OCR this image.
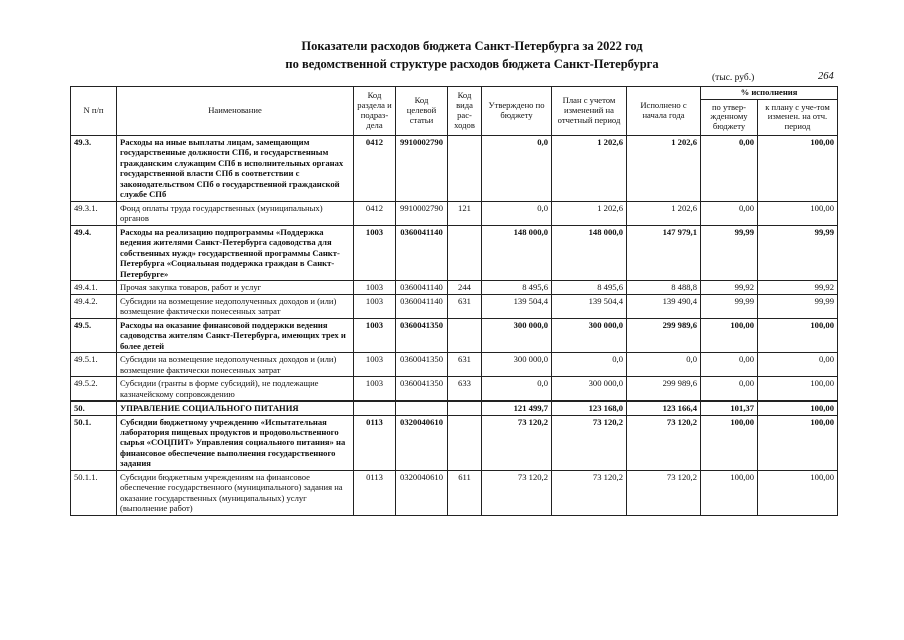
Показатели расходов бюджета Санкт-Петербурга за 2022 год
по ведомственной структуре расходов бюджета Санкт-Петербурга
(тыс. руб.)	264
N п/п	Наименование	Код раздела и подраз-дела	Код целевой статьи	Код вида рас-ходов	Утверждено по бюджету	План с учетом изменений на отчетный период	Исполнено с начала года	% исполнения	
								по утвер-жденному бюджету	к плану с уче-том изменен. на отч. период
49.3.	Расходы на иные выплаты лицам, замещающим государственные должности СПб, и государственным гражданским служащим СПб в исполнительных органах государственной власти СПб в соответствии с законодательством СПб о государственной гражданской службе СПб	0412	9910002790		0,0	1 202,6	1 202,6	0,00	100,00
49.3.1.	Фонд оплаты труда государственных (муниципальных) органов	0412	9910002790	121	0,0	1 202,6	1 202,6	0,00	100,00
49.4.	Расходы на реализацию подпрограммы «Поддержка ведения жителями Санкт-Петербурга садоводства для собственных нужд» государственной программы Санкт-Петербурга «Социальная поддержка граждан в Санкт-Петербурге»	1003	0360041140		148 000,0	148 000,0	147 979,1	99,99	99,99
49.4.1.	Прочая закупка товаров, работ и услуг	1003	0360041140	244	8 495,6	8 495,6	8 488,8	99,92	99,92
49.4.2.	Субсидии на возмещение недополученных доходов и (или) возмещение фактически понесенных затрат	1003	0360041140	631	139 504,4	139 504,4	139 490,4	99,99	99,99
49.5.	Расходы на оказание финансовой поддержки ведения садоводства жителям Санкт-Петербурга, имеющих трех и более детей	1003	0360041350		300 000,0	300 000,0	299 989,6	100,00	100,00
49.5.1.	Субсидии на возмещение недополученных доходов и (или) возмещение фактически понесенных затрат	1003	0360041350	631	300 000,0	0,0	0,0	0,00	0,00
49.5.2.	Субсидии (гранты в форме субсидий), не подлежащие казначейскому сопровождению	1003	0360041350	633	0,0	300 000,0	299 989,6	0,00	100,00
50.	УПРАВЛЕНИЕ СОЦИАЛЬНОГО ПИТАНИЯ				121 499,7	123 168,0	123 166,4	101,37	100,00
50.1.	Субсидии бюджетному учреждению «Испытательная лаборатория пищевых продуктов и продовольственного сырья «СОЦПИТ» Управления социального питания» на финансовое обеспечение выполнения государственного задания	0113	0320040610		73 120,2	73 120,2	73 120,2	100,00	100,00
50.1.1.	Субсидии бюджетным учреждениям на финансовое обеспечение государственного (муниципального) задания на оказание государственных (муниципальных) услуг (выполнение работ)	0113	0320040610	611	73 120,2	73 120,2	73 120,2	100,00	100,00
